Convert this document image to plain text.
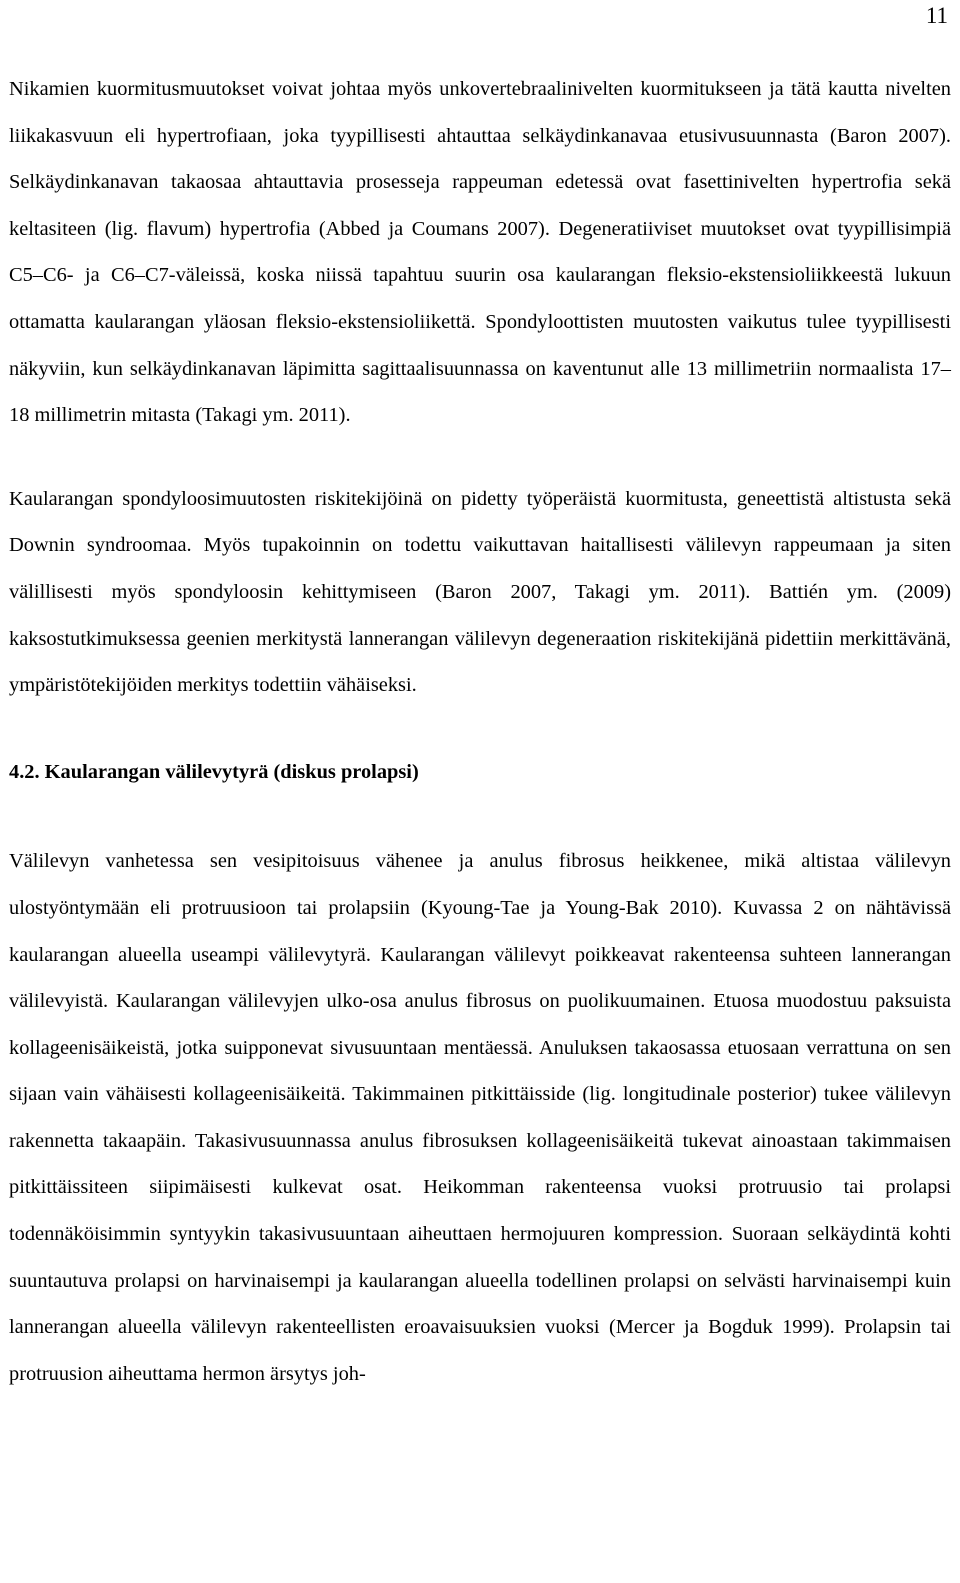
11

Nikamien kuormitusmuutokset voivat johtaa myös unkovertebraalinivelten kuormitukseen ja tätä kautta nivelten liikakasvuun eli hypertrofiaan, joka tyypillisesti ahtauttaa selkäydinkanavaa etusivusuunnasta (Baron 2007). Selkäydinkanavan takaosaa ahtauttavia prosesseja rappeuman edetessä ovat fasettinivelten hypertrofia sekä keltasiteen (lig. flavum) hypertrofia (Abbed ja Coumans 2007). Degeneratiiviset muutokset ovat tyypillisimpiä C5–C6- ja C6–C7-väleissä, koska niissä tapahtuu suurin osa kaularangan fleksio-ekstensioliikkeestä lukuun ottamatta kaularangan yläosan fleksio-ekstensioliikettä. Spondyloottisten muutosten vaikutus tulee tyypillisesti näkyviin, kun selkäydinkanavan läpimitta sagittaalisuunnassa on kaventunut alle 13 millimetriin normaalista 17–18 millimetrin mitasta (Takagi ym. 2011).

Kaularangan spondyloosimuutosten riskitekijöinä on pidetty työperäistä kuormitusta, geneettistä altistusta sekä Downin syndroomaa. Myös tupakoinnin on todettu vaikuttavan haitallisesti välilevyn rappeumaan ja siten välillisesti myös spondyloosin kehittymiseen (Baron 2007, Takagi ym. 2011). Battién ym. (2009) kaksostutkimuksessa geenien merkitystä lannerangan välilevyn degeneraation riskitekijänä pidettiin merkittävänä, ympäristötekijöiden merkitys todettiin vähäiseksi.

4.2. Kaularangan välilevytyrä (diskus prolapsi)

Välilevyn vanhetessa sen vesipitoisuus vähenee ja anulus fibrosus heikkenee, mikä altistaa välilevyn ulostyöntymään eli protruusioon tai prolapsiin (Kyoung-Tae ja Young-Bak 2010). Kuvassa 2 on nähtävissä kaularangan alueella useampi välilevytyrä. Kaularangan välilevyt poikkeavat rakenteensa suhteen lannerangan välilevyistä. Kaularangan välilevyjen ulko-osa anulus fibrosus on puolikuumainen. Etuosa muodostuu paksuista kollageenisäikeistä, jotka suipponevat sivusuuntaan mentäessä. Anuluksen takaosassa etuosaan verrattuna on sen sijaan vain vähäisesti kollageenisäikeitä. Takimmainen pitkittäisside (lig. longitudinale posterior) tukee välilevyn rakennetta takaapäin. Takasivusuunnassa anulus fibrosuksen kollageenisäikeitä tukevat ainoastaan takimmaisen pitkittäissiteen siipimäisesti kulkevat osat. Heikomman rakenteensa vuoksi protruusio tai prolapsi todennäköisimmin syntyykin takasivusuuntaan aiheuttaen hermojuuren kompression. Suoraan selkäydintä kohti suuntautuva prolapsi on harvinaisempi ja kaularangan alueella todellinen prolapsi on selvästi harvinaisempi kuin lannerangan alueella välilevyn rakenteellisten eroavaisuuksien vuoksi (Mercer ja Bogduk 1999). Prolapsin tai protruusion aiheuttama hermon ärsytys joh-
